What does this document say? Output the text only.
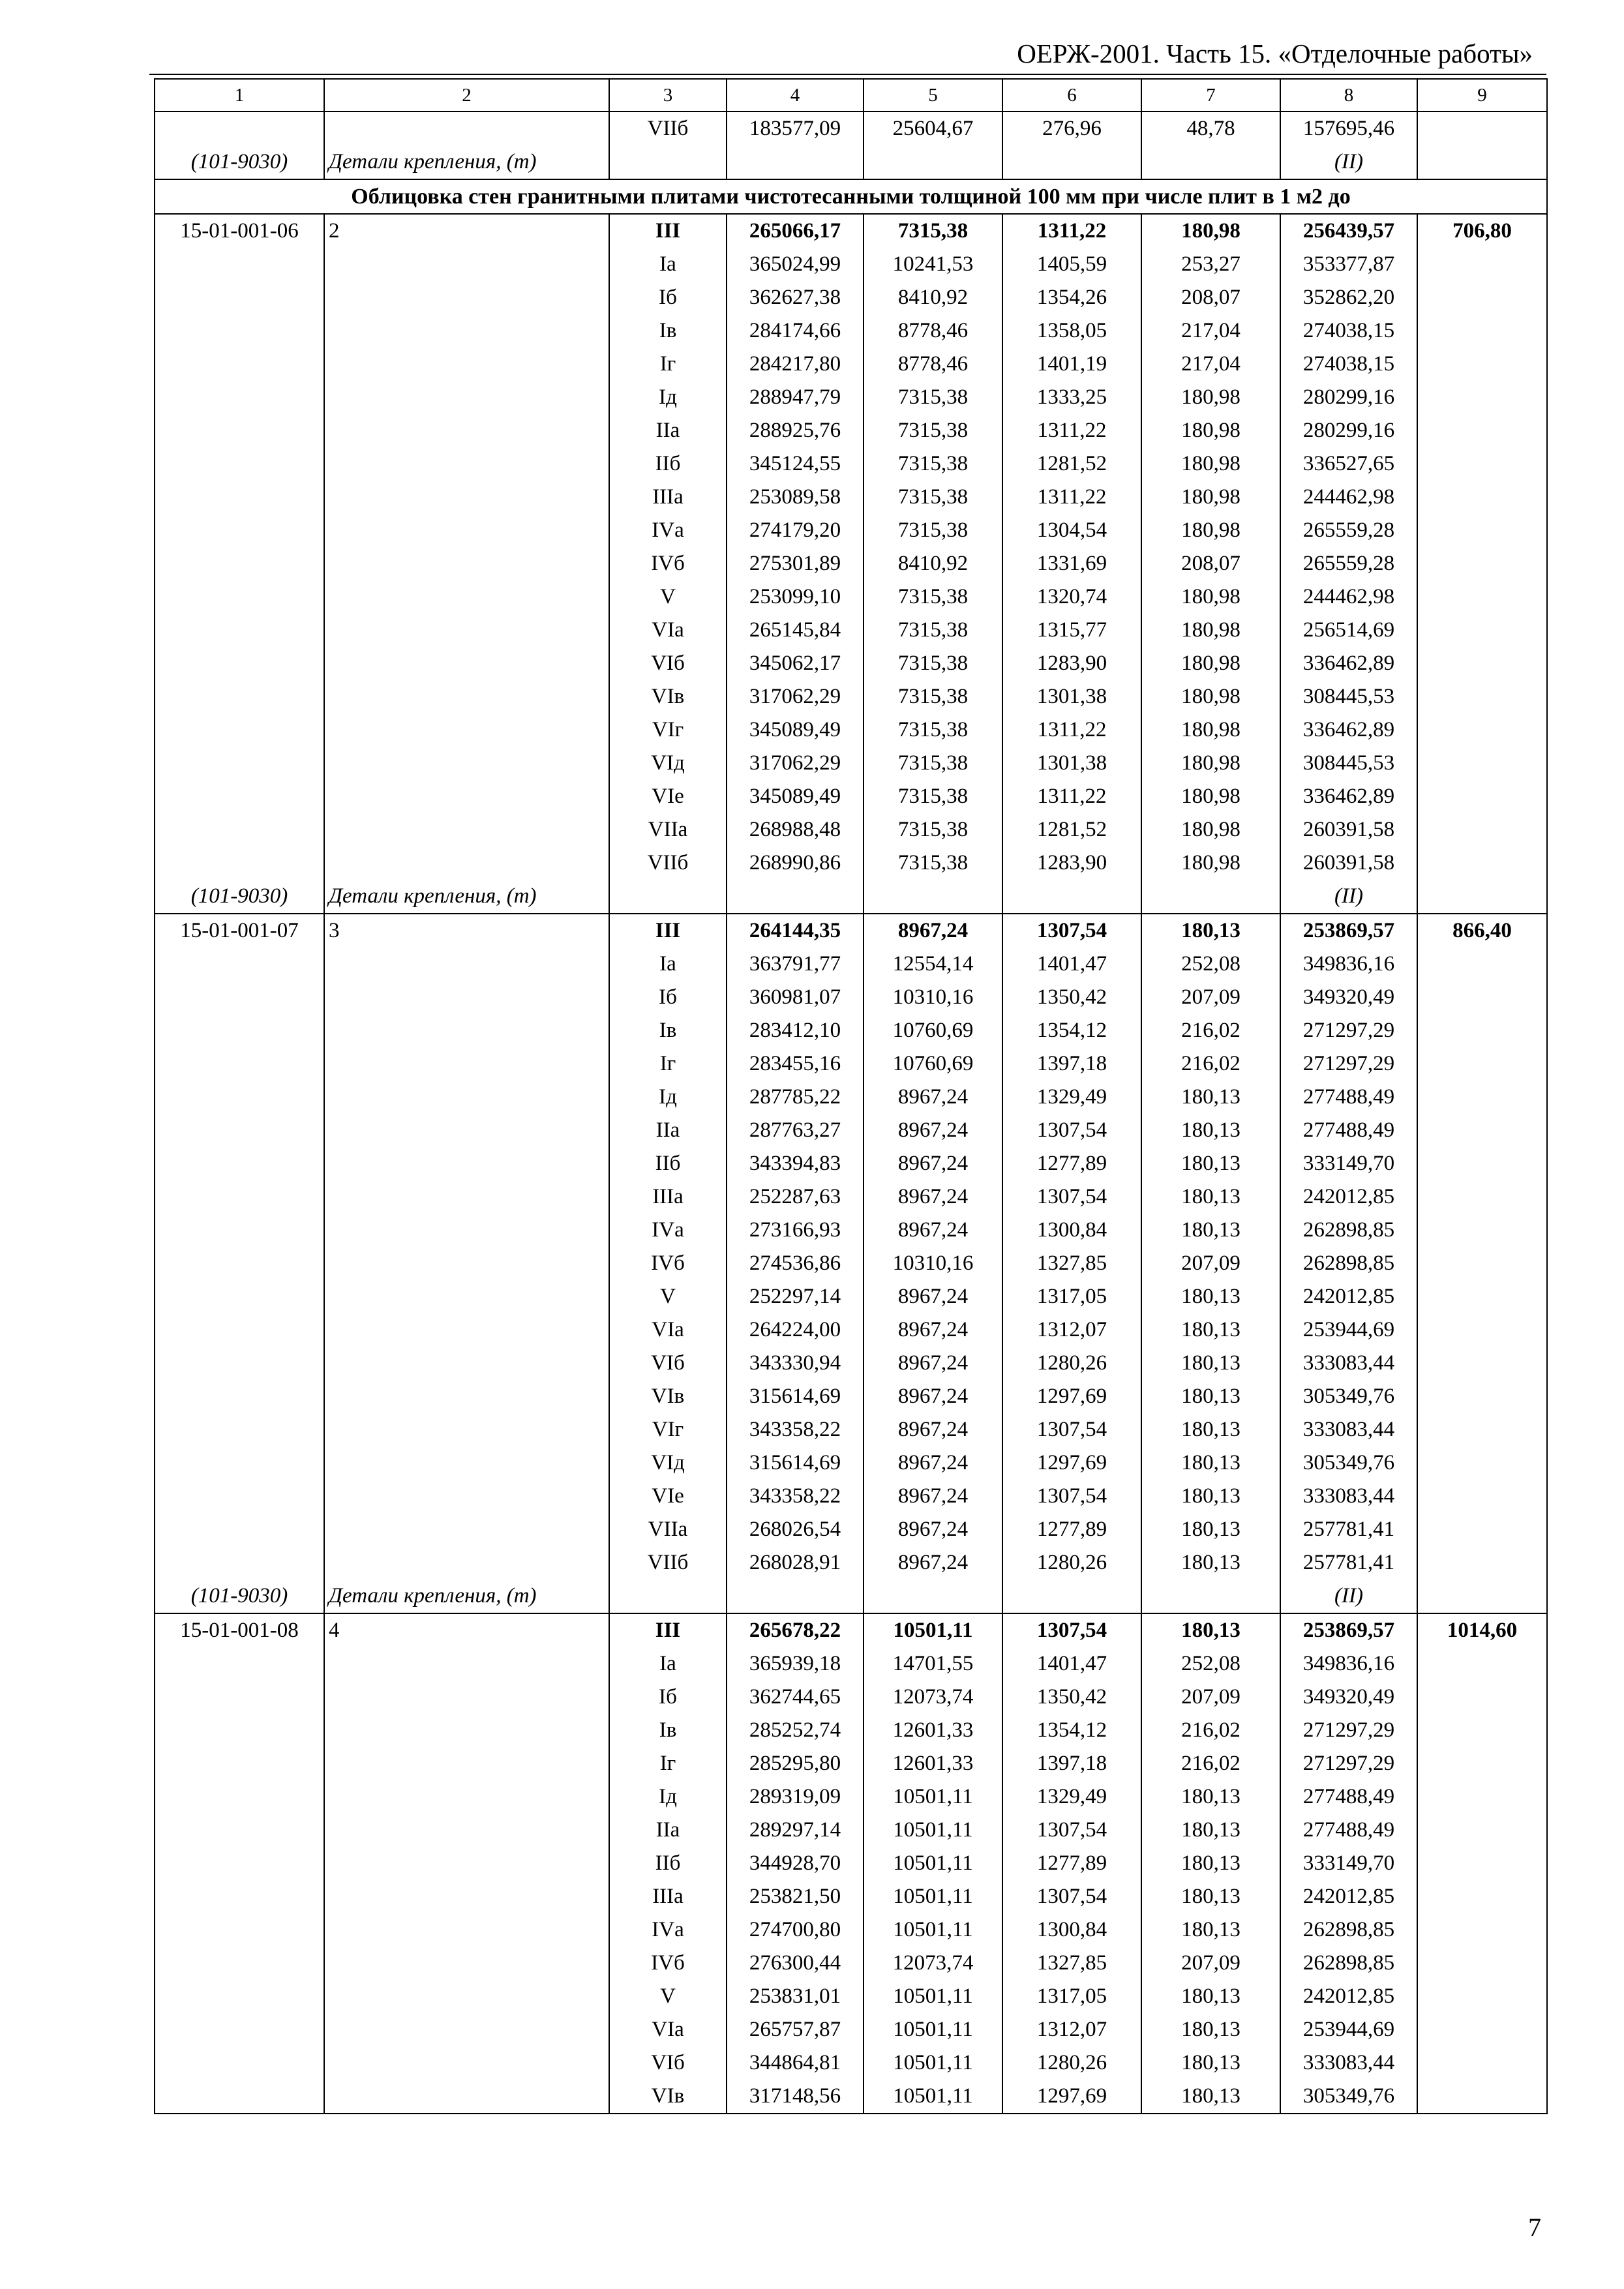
ОЕРЖ-2001. Часть 15. «Отделочные работы»
1	2	3	4	5	6	7	8	9
		VIIб	183577,09	25604,67	276,96	48,78	157695,46	
(101-9030)	Детали крепления, (т)						(II)	
Облицовка стен гранитными плитами чистотесанными толщиной 100 мм при числе плит в 1 м2 до								
15-01-001-06	2	III	265066,17	7315,38	1311,22	180,98	256439,57	706,80
		Iа	365024,99	10241,53	1405,59	253,27	353377,87	
		Iб	362627,38	8410,92	1354,26	208,07	352862,20	
		Iв	284174,66	8778,46	1358,05	217,04	274038,15	
		Iг	284217,80	8778,46	1401,19	217,04	274038,15	
		Iд	288947,79	7315,38	1333,25	180,98	280299,16	
		IIа	288925,76	7315,38	1311,22	180,98	280299,16	
		IIб	345124,55	7315,38	1281,52	180,98	336527,65	
		IIIа	253089,58	7315,38	1311,22	180,98	244462,98	
		IVа	274179,20	7315,38	1304,54	180,98	265559,28	
		IVб	275301,89	8410,92	1331,69	208,07	265559,28	
		V	253099,10	7315,38	1320,74	180,98	244462,98	
		VIа	265145,84	7315,38	1315,77	180,98	256514,69	
		VIб	345062,17	7315,38	1283,90	180,98	336462,89	
		VIв	317062,29	7315,38	1301,38	180,98	308445,53	
		VIг	345089,49	7315,38	1311,22	180,98	336462,89	
		VIд	317062,29	7315,38	1301,38	180,98	308445,53	
		VIе	345089,49	7315,38	1311,22	180,98	336462,89	
		VIIа	268988,48	7315,38	1281,52	180,98	260391,58	
		VIIб	268990,86	7315,38	1283,90	180,98	260391,58	
(101-9030)	Детали крепления, (т)						(II)	
15-01-001-07	3	III	264144,35	8967,24	1307,54	180,13	253869,57	866,40
		Iа	363791,77	12554,14	1401,47	252,08	349836,16	
		Iб	360981,07	10310,16	1350,42	207,09	349320,49	
		Iв	283412,10	10760,69	1354,12	216,02	271297,29	
		Iг	283455,16	10760,69	1397,18	216,02	271297,29	
		Iд	287785,22	8967,24	1329,49	180,13	277488,49	
		IIа	287763,27	8967,24	1307,54	180,13	277488,49	
		IIб	343394,83	8967,24	1277,89	180,13	333149,70	
		IIIа	252287,63	8967,24	1307,54	180,13	242012,85	
		IVа	273166,93	8967,24	1300,84	180,13	262898,85	
		IVб	274536,86	10310,16	1327,85	207,09	262898,85	
		V	252297,14	8967,24	1317,05	180,13	242012,85	
		VIа	264224,00	8967,24	1312,07	180,13	253944,69	
		VIб	343330,94	8967,24	1280,26	180,13	333083,44	
		VIв	315614,69	8967,24	1297,69	180,13	305349,76	
		VIг	343358,22	8967,24	1307,54	180,13	333083,44	
		VIд	315614,69	8967,24	1297,69	180,13	305349,76	
		VIе	343358,22	8967,24	1307,54	180,13	333083,44	
		VIIа	268026,54	8967,24	1277,89	180,13	257781,41	
		VIIб	268028,91	8967,24	1280,26	180,13	257781,41	
(101-9030)	Детали крепления, (т)						(II)	
15-01-001-08	4	III	265678,22	10501,11	1307,54	180,13	253869,57	1014,60
		Iа	365939,18	14701,55	1401,47	252,08	349836,16	
		Iб	362744,65	12073,74	1350,42	207,09	349320,49	
		Iв	285252,74	12601,33	1354,12	216,02	271297,29	
		Iг	285295,80	12601,33	1397,18	216,02	271297,29	
		Iд	289319,09	10501,11	1329,49	180,13	277488,49	
		IIа	289297,14	10501,11	1307,54	180,13	277488,49	
		IIб	344928,70	10501,11	1277,89	180,13	333149,70	
		IIIа	253821,50	10501,11	1307,54	180,13	242012,85	
		IVа	274700,80	10501,11	1300,84	180,13	262898,85	
		IVб	276300,44	12073,74	1327,85	207,09	262898,85	
		V	253831,01	10501,11	1317,05	180,13	242012,85	
		VIа	265757,87	10501,11	1312,07	180,13	253944,69	
		VIб	344864,81	10501,11	1280,26	180,13	333083,44	
		VIв	317148,56	10501,11	1297,69	180,13	305349,76	
7
